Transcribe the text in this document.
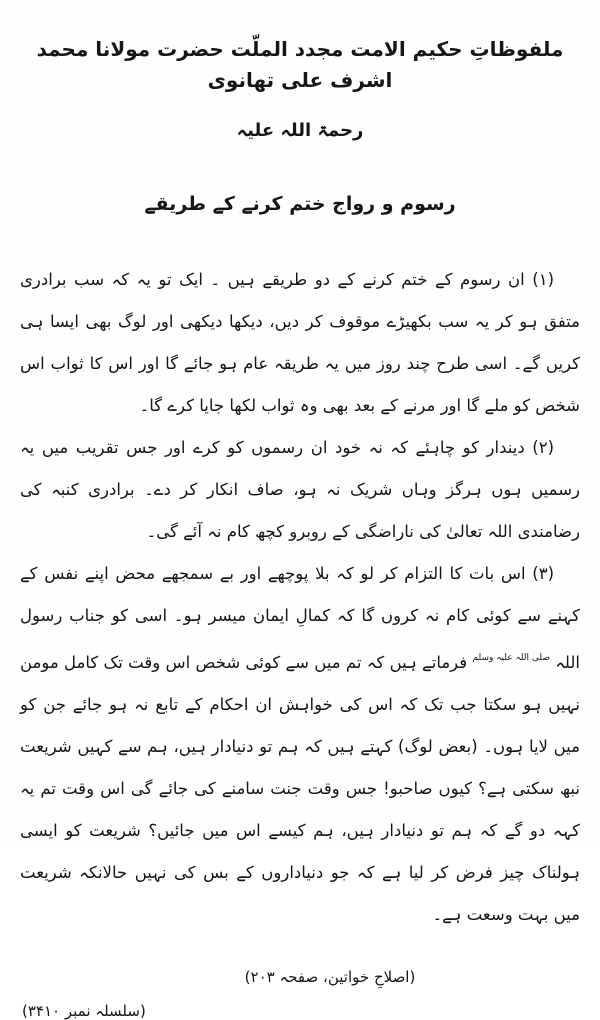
ملفوظاتِ حکیم الامت مجدد الملّت حضرت مولانا محمد اشرف علی تھانوی
رحمۃ اللہ علیہ
رسوم و رواج ختم کرنے کے طریقے

(۱) ان رسوم کے ختم کرنے کے دو طریقے ہیں ۔ ایک تو یہ کہ سب برادری متفق ہو کر یہ سب بکھیڑے موقوف کر دیں، دیکھا دیکھی اور لوگ بھی ایسا ہی کریں گے۔ اسی طرح چند روز میں یہ طریقہ عام ہو جائے گا اور اس کا ثواب اس شخص کو ملے گا اور مرنے کے بعد بھی وہ ثواب لکھا جایا کرے گا۔

(۲) دیندار کو چاہئے کہ نہ خود ان رسموں کو کرے اور جس تقریب میں یہ رسمیں ہوں ہرگز وہاں شریک نہ ہو، صاف انکار کر دے۔ برادری کنبہ کی رضامندی اللہ تعالیٰ کی ناراضگی کے روبرو کچھ کام نہ آئے گی۔

(۳) اس بات کا التزام کر لو کہ بلا پوچھے اور بے سمجھے محض اپنے نفس کے کہنے سے کوئی کام نہ کروں گا کہ کمالِ ایمان میسر ہو۔ اسی کو جناب رسول اللہ $^{صلی اللہ علیہ وسلم}$ فرماتے ہیں کہ تم میں سے کوئی شخص اس وقت تک کامل مومن نہیں ہو سکتا جب تک کہ اس کی خواہش ان احکام کے تابع نہ ہو جائے جن کو میں لایا ہوں۔ (بعض لوگ) کہتے ہیں کہ ہم تو دنیادار ہیں، ہم سے کہیں شریعت نبھ سکتی ہے؟ کیوں صاحبو! جس وقت جنت سامنے کی جائے گی اس وقت تم یہ کہہ دو گے کہ ہم تو دنیادار ہیں، ہم کیسے اس میں جائیں؟ شریعت کو ایسی ہولناک چیز فرض کر لیا ہے کہ جو دنیاداروں کے بس کی نہیں حالانکہ شریعت میں بہت وسعت ہے۔

(اصلاحِ خواتین، صفحہ ۲۰۳)
(سلسلہ نمبر ۳۴۱۰)
